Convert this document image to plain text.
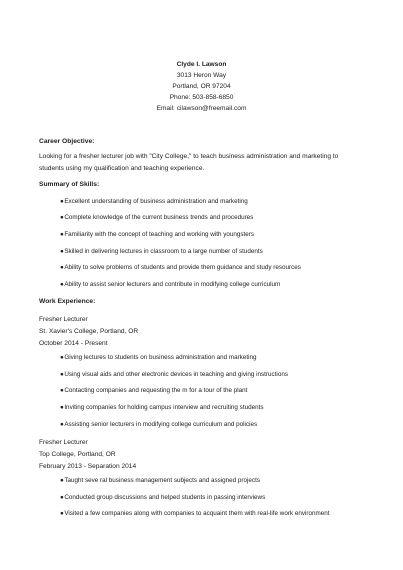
Clyde I. Lawson
3013 Heron Way
Portland, OR 97204
Phone: 503-858-6850
Email: cilawson@freemail.com
Career Objective:
Looking for a fresher lecturer job with "City College," to teach business administration and marketing to
students using my qualification and teaching experience.
Summary of Skills:
●Excellent understanding of business administration and marketing
●Complete knowledge of the current business trends and procedures
●Familiarity with the concept of teaching and working with youngsters
●Skilled in delivering lectures in classroom to a large number of students
●Ability to solve problems of students and provide them guidance and study resources
●Ability to assist senior lecturers and contribute in modifying college curriculum
Work Experience:
Fresher Lecturer
St. Xavier's College, Portland, OR
October 2014 - Present
●Giving lectures to students on business administration and marketing
●Using visual aids and other electronic devices in teaching and giving instructions
●Contacting companies and requesting the m for a tour of the plant
●Inviting companies for holding campus interview and recruiting students
●Assisting senior lecturers in modifying college curriculum and policies
Fresher Lecturer
Top College, Portland, OR
February 2013 - Separation 2014
●Taught seve ral business management subjects and assigned projects
●Conducted group discussions and helped students in passing interviews
●Visited a few companies along with companies to acquaint them with real-life work environment
